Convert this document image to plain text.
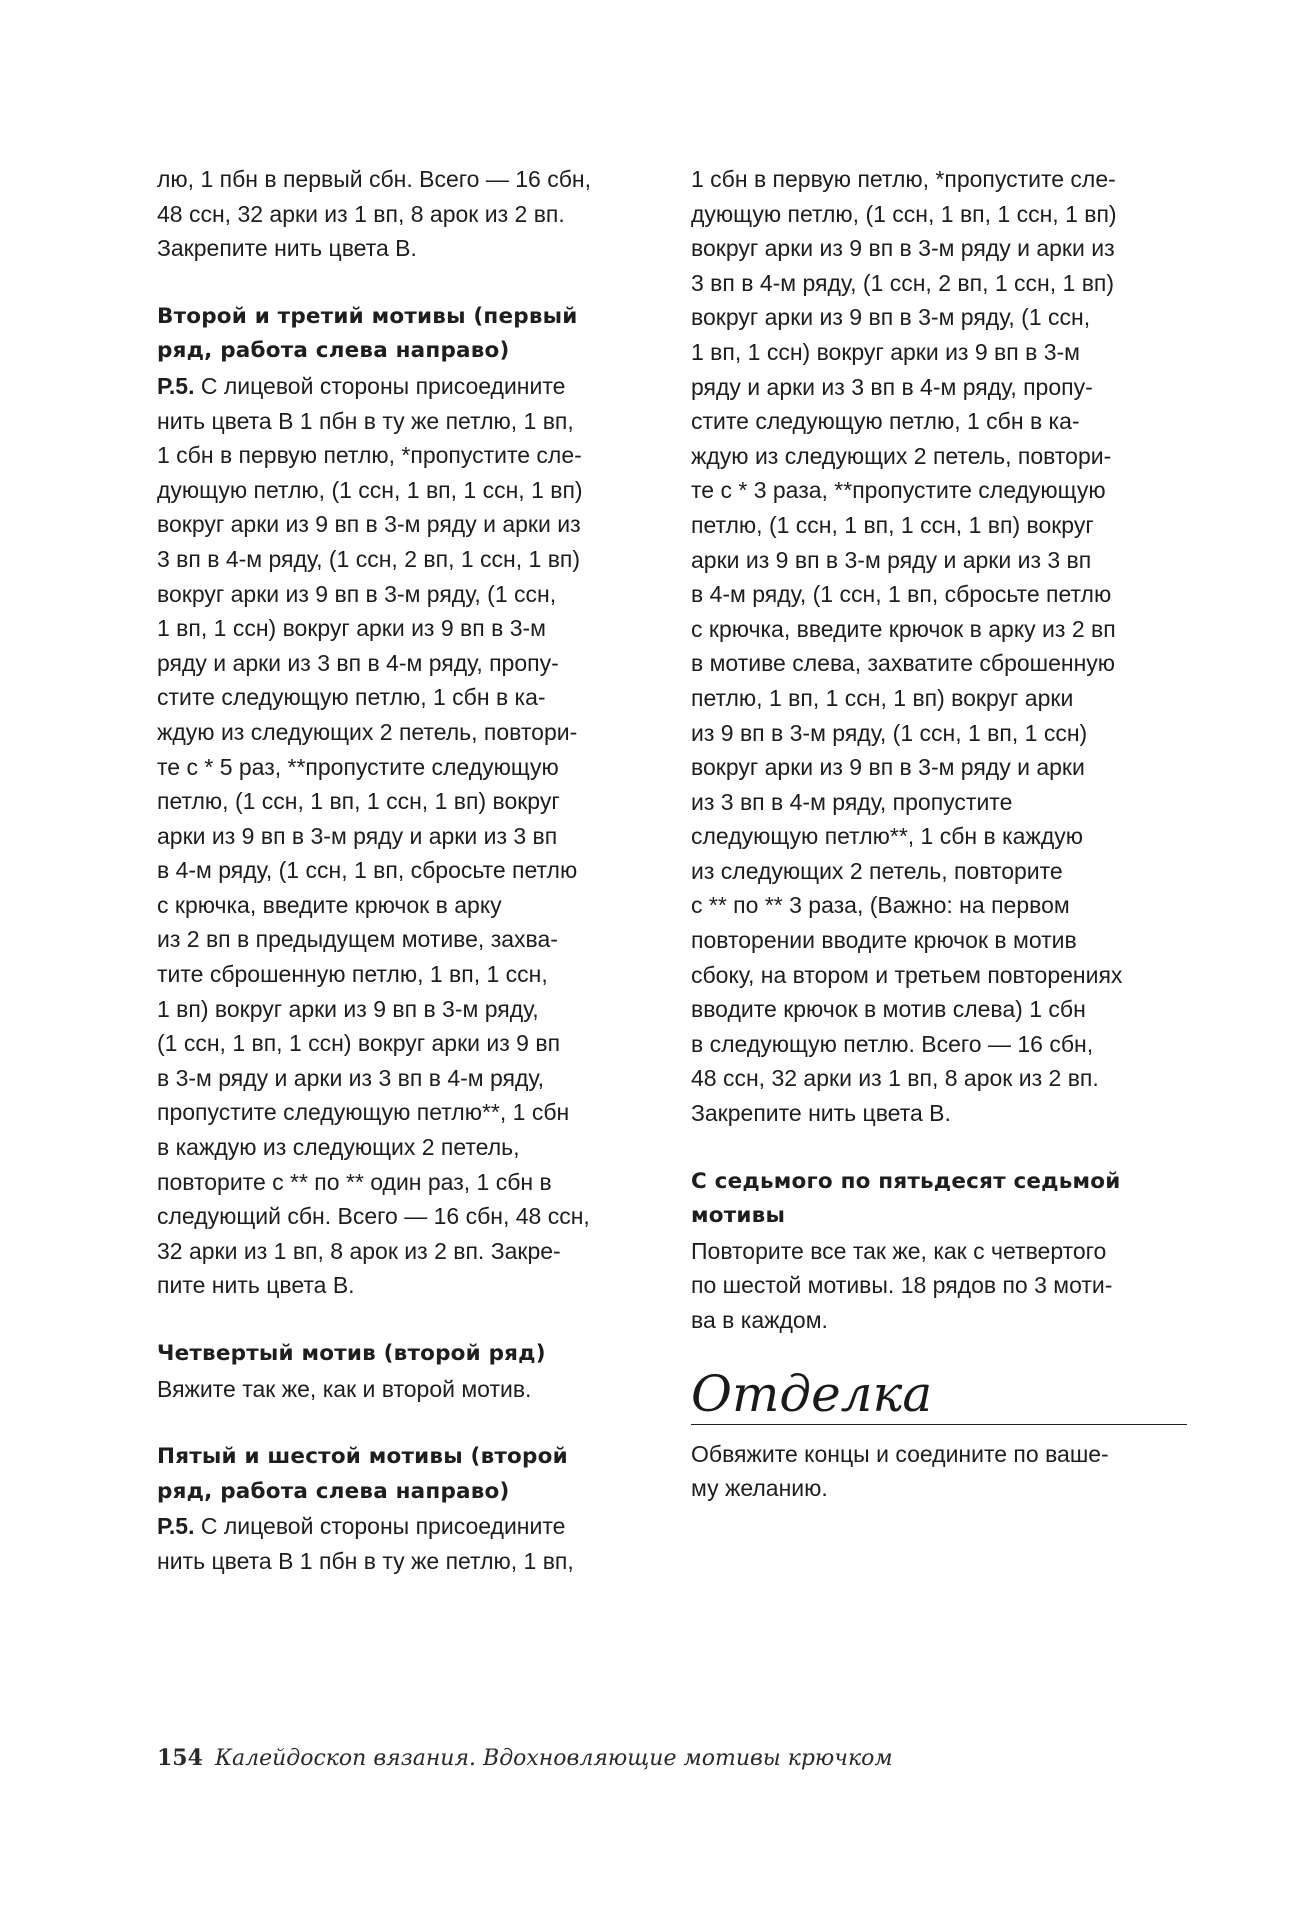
лю, 1 пбн в первый сбн. Всего — 16 сбн,
48 ссн, 32 арки из 1 вп, 8 арок из 2 вп.
Закрепите нить цвета B.
Второй и третий мотивы (первый
ряд, работа слева направо)
Р.5. С лицевой стороны присоедините
нить цвета B 1 пбн в ту же петлю, 1 вп,
1 сбн в первую петлю, *пропустите сле-
дующую петлю, (1 ссн, 1 вп, 1 ссн, 1 вп)
вокруг арки из 9 вп в 3-м ряду и арки из
3 вп в 4-м ряду, (1 ссн, 2 вп, 1 ссн, 1 вп)
вокруг арки из 9 вп в 3-м ряду, (1 ссн,
1 вп, 1 ссн) вокруг арки из 9 вп в 3-м
ряду и арки из 3 вп в 4-м ряду, пропу-
стите следующую петлю, 1 сбн в ка-
ждую из следующих 2 петель, повтори-
те с * 5 раз, **пропустите следующую
петлю, (1 ссн, 1 вп, 1 ссн, 1 вп) вокруг
арки из 9 вп в 3-м ряду и арки из 3 вп
в 4-м ряду, (1 ссн, 1 вп, сбросьте петлю
с крючка, введите крючок в арку
из 2 вп в предыдущем мотиве, захва-
тите сброшенную петлю, 1 вп, 1 ссн,
1 вп) вокруг арки из 9 вп в 3-м ряду,
(1 ссн, 1 вп, 1 ссн) вокруг арки из 9 вп
в 3-м ряду и арки из 3 вп в 4-м ряду,
пропустите следующую петлю**, 1 сбн
в каждую из следующих 2 петель,
повторите с ** по ** один раз, 1 сбн в
следующий сбн. Всего — 16 сбн, 48 ссн,
32 арки из 1 вп, 8 арок из 2 вп. Закре-
пите нить цвета B.
Четвертый мотив (второй ряд)
Вяжите так же, как и второй мотив.
Пятый и шестой мотивы (второй
ряд, работа слева направо)
Р.5. С лицевой стороны присоедините
нить цвета B 1 пбн в ту же петлю, 1 вп,
1 сбн в первую петлю, *пропустите сле-
дующую петлю, (1 ссн, 1 вп, 1 ссн, 1 вп)
вокруг арки из 9 вп в 3-м ряду и арки из
3 вп в 4-м ряду, (1 ссн, 2 вп, 1 ссн, 1 вп)
вокруг арки из 9 вп в 3-м ряду, (1 ссн,
1 вп, 1 ссн) вокруг арки из 9 вп в 3-м
ряду и арки из 3 вп в 4-м ряду, пропу-
стите следующую петлю, 1 сбн в ка-
ждую из следующих 2 петель, повтори-
те с * 3 раза, **пропустите следующую
петлю, (1 ссн, 1 вп, 1 ссн, 1 вп) вокруг
арки из 9 вп в 3-м ряду и арки из 3 вп
в 4-м ряду, (1 ссн, 1 вп, сбросьте петлю
с крючка, введите крючок в арку из 2 вп
в мотиве слева, захватите сброшенную
петлю, 1 вп, 1 ссн, 1 вп) вокруг арки
из 9 вп в 3-м ряду, (1 ссн, 1 вп, 1 ссн)
вокруг арки из 9 вп в 3-м ряду и арки
из 3 вп в 4-м ряду, пропустите
следующую петлю**, 1 сбн в каждую
из следующих 2 петель, повторите
с ** по ** 3 раза, (Важно: на первом
повторении вводите крючок в мотив
сбоку, на втором и третьем повторениях
вводите крючок в мотив слева) 1 сбн
в следующую петлю. Всего — 16 сбн,
48 ссн, 32 арки из 1 вп, 8 арок из 2 вп.
Закрепите нить цвета B.
С седьмого по пятьдесят седьмой
мотивы
Повторите все так же, как с четвертого
по шестой мотивы. 18 рядов по 3 моти-
ва в каждом.
Отделка
Обвяжите концы и соедините по ваше-
му желанию.
154 Калейдоскоп вязания. Вдохновляющие мотивы крючком
